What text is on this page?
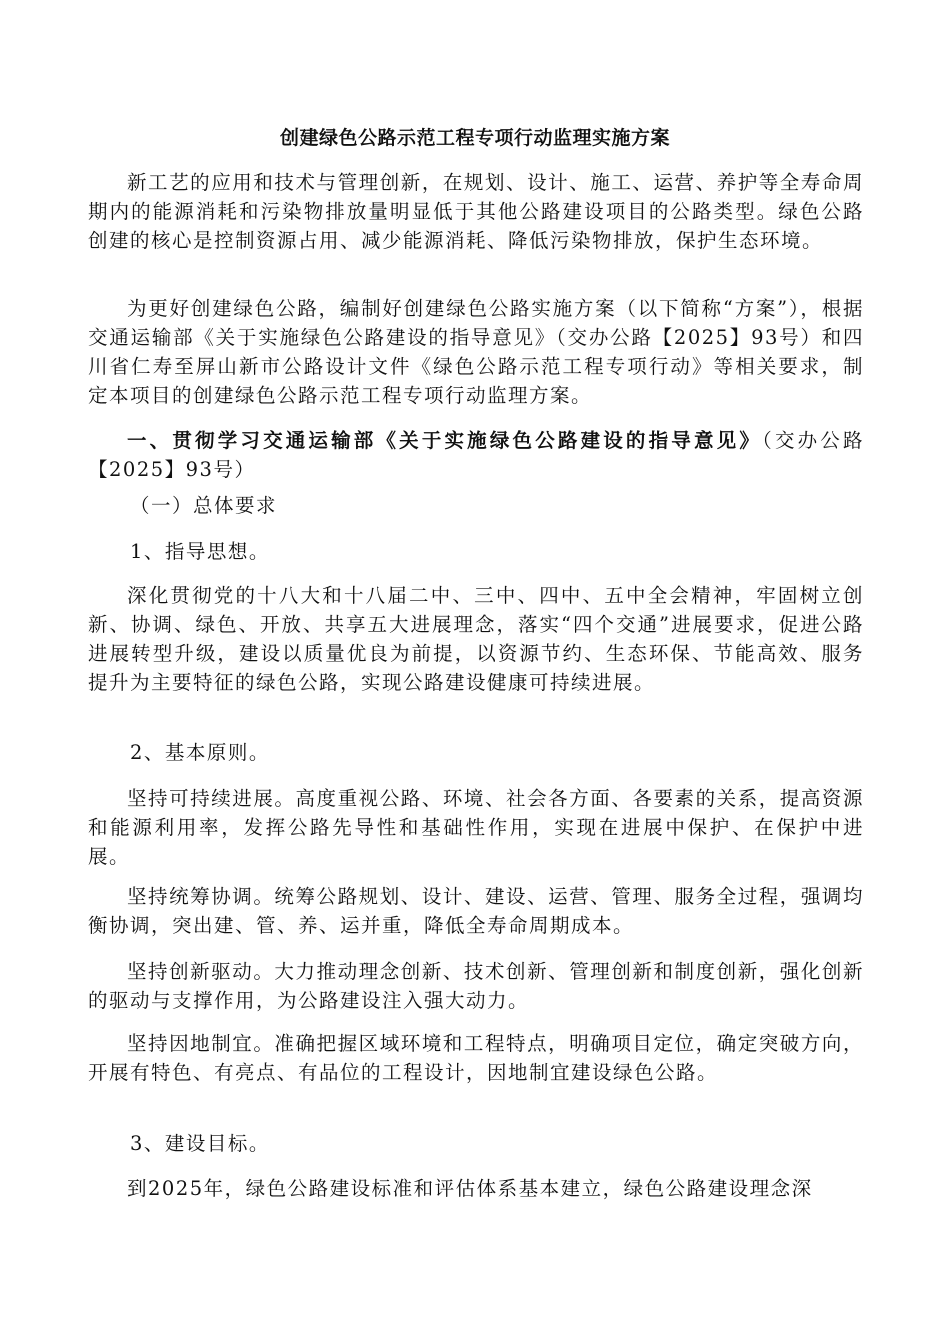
创建绿色公路示范工程专项行动监理实施方案

新工艺的应用和技术与管理创新，在规划、设计、施工、运营、养护等全寿命周期内的能源消耗和污染物排放量明显低于其他公路建设项目的公路类型。绿色公路创建的核心是控制资源占用、减少能源消耗、降低污染物排放，保护生态环境。

为更好创建绿色公路，编制好创建绿色公路实施方案（以下简称“方案”），根据交通运输部《关于实施绿色公路建设的指导意见》（交办公路【2025】93号）和四川省仁寿至屏山新市公路设计文件《绿色公路示范工程专项行动》等相关要求，制定本项目的创建绿色公路示范工程专项行动监理方案。

一、贯彻学习交通运输部《关于实施绿色公路建设的指导意见》（交办公路【2025】93号）

（一）总体要求

1、指导思想。

深化贯彻党的十八大和十八届二中、三中、四中、五中全会精神，牢固树立创新、协调、绿色、开放、共享五大进展理念，落实“四个交通”进展要求，促进公路进展转型升级，建设以质量优良为前提，以资源节约、生态环保、节能高效、服务提升为主要特征的绿色公路，实现公路建设健康可持续进展。

2、基本原则。

坚持可持续进展。高度重视公路、环境、社会各方面、各要素的关系，提高资源和能源利用率，发挥公路先导性和基础性作用，实现在进展中保护、在保护中进展。

坚持统筹协调。统筹公路规划、设计、建设、运营、管理、服务全过程，强调均衡协调，突出建、管、养、运并重，降低全寿命周期成本。

坚持创新驱动。大力推动理念创新、技术创新、管理创新和制度创新，强化创新的驱动与支撑作用，为公路建设注入强大动力。

坚持因地制宜。准确把握区域环境和工程特点，明确项目定位，确定突破方向，开展有特色、有亮点、有品位的工程设计，因地制宜建设绿色公路。

3、建设目标。

到2025年，绿色公路建设标准和评估体系基本建立，绿色公路建设理念深
